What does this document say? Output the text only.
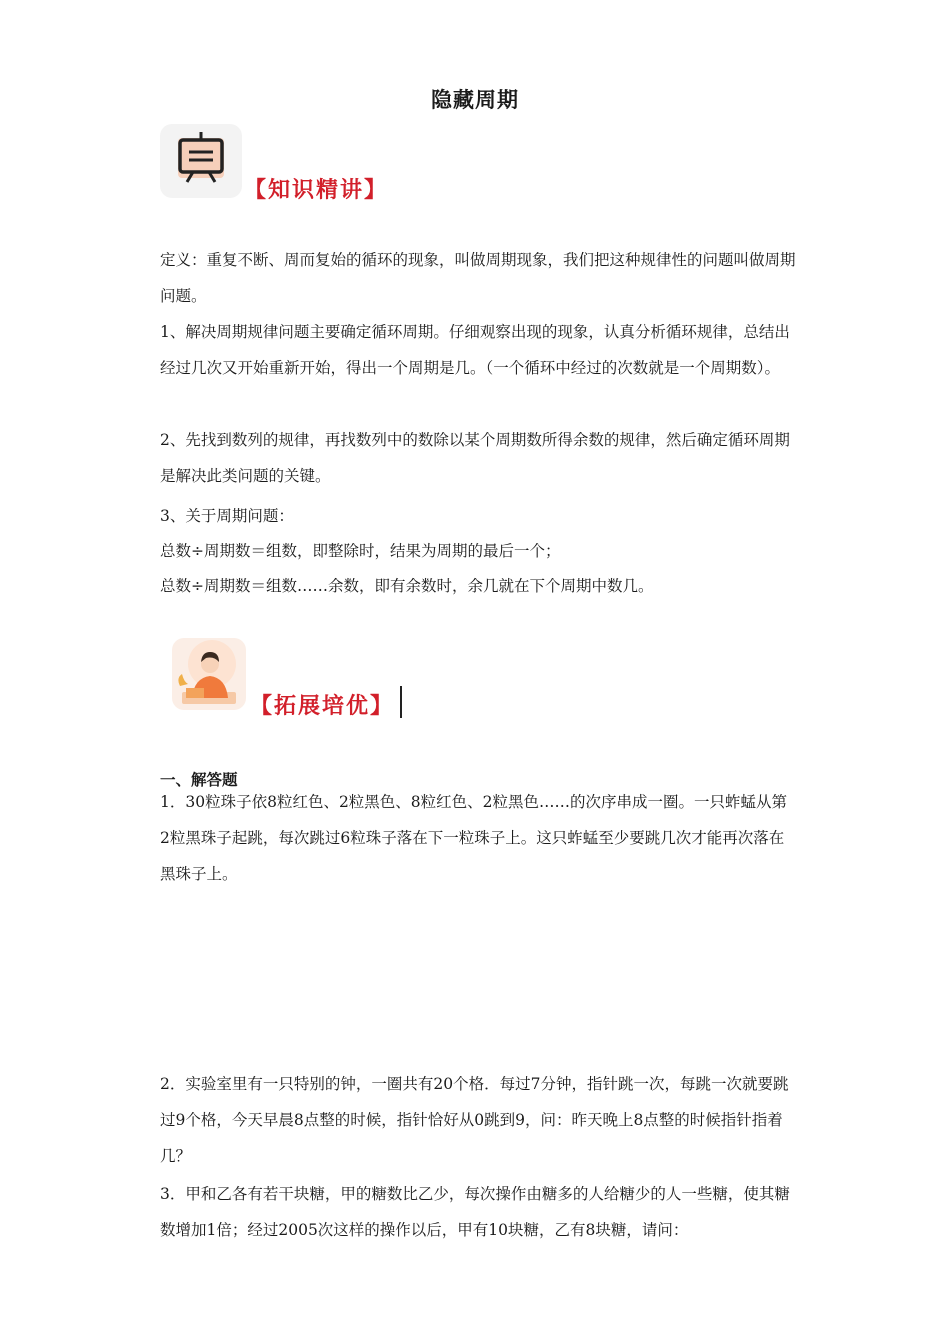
隐藏周期
【知识精讲】
定义：重复不断、周而复始的循环的现象，叫做周期现象，我们把这种规律性的问题叫做周期问题。
1、解决周期规律问题主要确定循环周期。仔细观察出现的现象，认真分析循环规律，总结出经过几次又开始重新开始，得出一个周期是几。（一个循环中经过的次数就是一个周期数）。
2、先找到数列的规律，再找数列中的数除以某个周期数所得余数的规律，然后确定循环周期是解决此类问题的关键。
3、关于周期问题：
总数÷周期数＝组数，即整除时，结果为周期的最后一个；
总数÷周期数＝组数……余数，即有余数时，余几就在下个周期中数几。
【拓展培优】
一、解答题
1．30粒珠子依8粒红色、2粒黑色、8粒红色、2粒黑色……的次序串成一圈。一只蚱蜢从第2粒黑珠子起跳，每次跳过6粒珠子落在下一粒珠子上。这只蚱蜢至少要跳几次才能再次落在黑珠子上。
2．实验室里有一只特别的钟，一圈共有20个格．每过7分钟，指针跳一次，每跳一次就要跳过9个格，今天早晨8点整的时候，指针恰好从0跳到9，问：昨天晚上8点整的时候指针指着几？
3．甲和乙各有若干块糖，甲的糖数比乙少，每次操作由糖多的人给糖少的人一些糖，使其糖数增加1倍；经过2005次这样的操作以后，甲有10块糖，乙有8块糖，请问：
